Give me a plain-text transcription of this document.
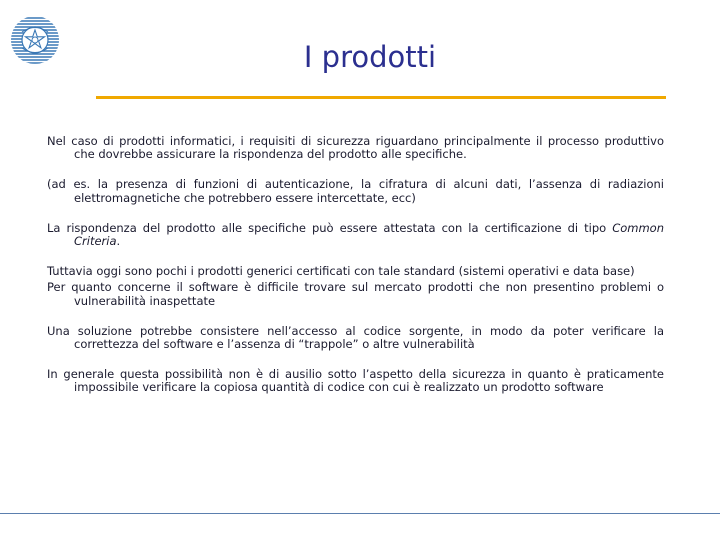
I prodotti

Nel caso di prodotti informatici, i requisiti di sicurezza riguardano principalmente il processo produttivo che dovrebbe assicurare la rispondenza del prodotto alle specifiche.

(ad es. la presenza di funzioni di autenticazione, la cifratura di alcuni dati, l’assenza di radiazioni elettromagnetiche che potrebbero essere intercettate, ecc)

La rispondenza del prodotto alle specifiche può essere attestata con la certificazione di tipo Common Criteria.

Tuttavia oggi sono pochi i prodotti generici certificati con tale standard (sistemi operativi e data base)

Per quanto concerne il software è difficile trovare sul mercato prodotti che non presentino problemi o vulnerabilità inaspettate

Una soluzione potrebbe consistere nell’accesso al codice sorgente, in modo da poter verificare la correttezza del software e l’assenza di “trappole” o altre vulnerabilità

In generale questa possibilità non è di ausilio sotto l’aspetto della sicurezza in quanto è praticamente impossibile verificare la copiosa quantità di codice con cui è realizzato un prodotto software
